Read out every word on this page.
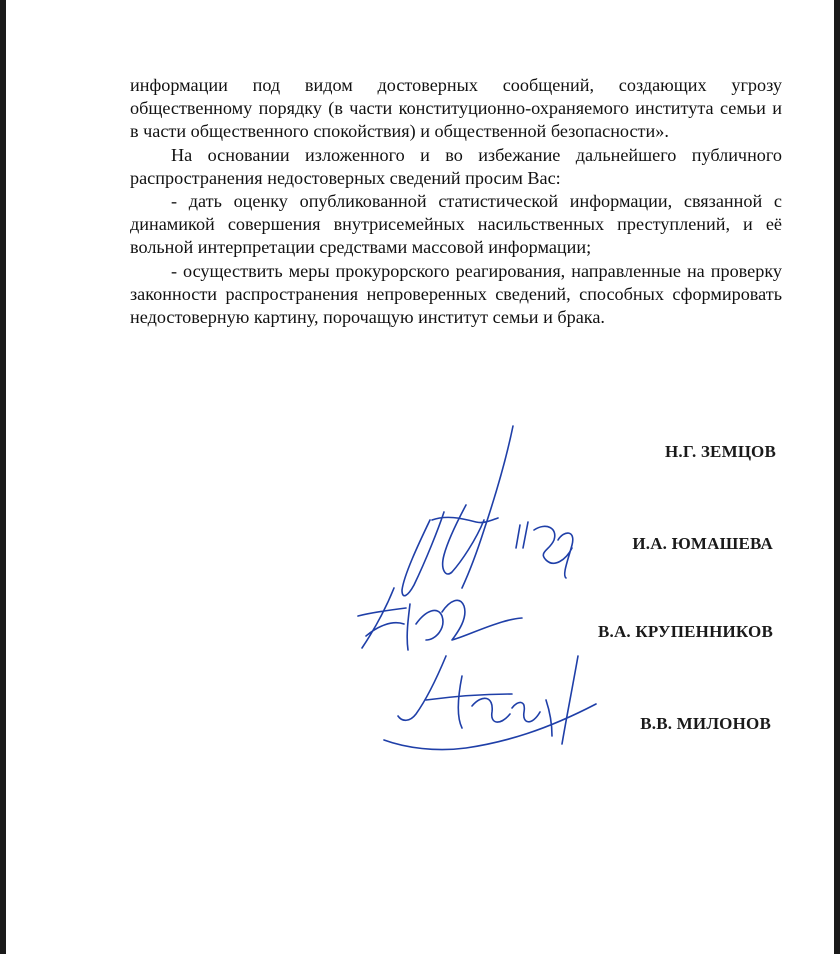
информации под видом достоверных сообщений, создающих угрозу общественному порядку (в части конституционно-охраняемого института семьи и в части общественного спокойствия) и общественной безопасности».

На основании изложенного и во избежание дальнейшего публичного распространения недостоверных сведений просим Вас:

- дать оценку опубликованной статистической информации, связанной с динамикой совершения внутрисемейных насильственных преступлений, и её вольной интерпретации средствами массовой информации;

- осуществить меры прокурорского реагирования, направленные на проверку законности распространения непроверенных сведений, способных сформировать недостоверную картину, порочащую институт семьи и брака.

Н.Г. ЗЕМЦОВ
И.А. ЮМАШЕВА
В.А. КРУПЕННИКОВ
В.В. МИЛОНОВ
